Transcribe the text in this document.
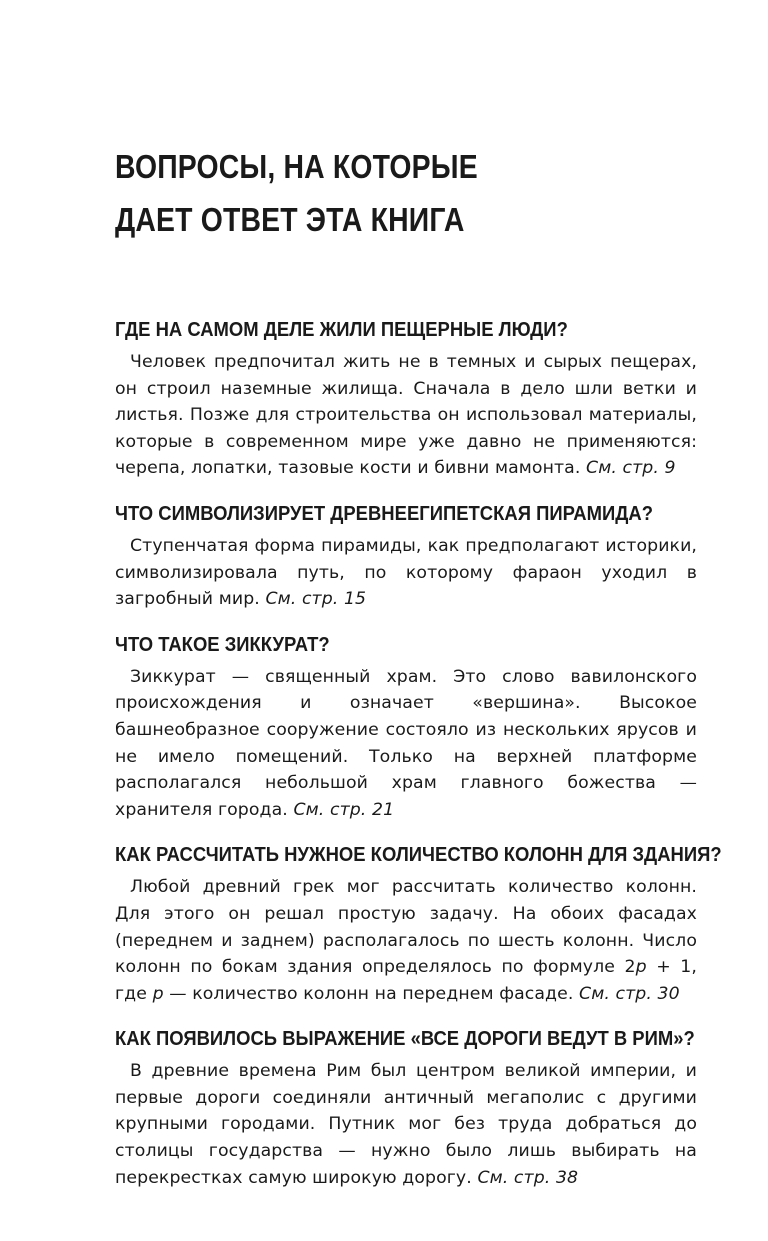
ВОПРОСЫ, НА КОТОРЫЕ
ДАЕТ ОТВЕТ ЭТА КНИГА
ГДЕ НА САМОМ ДЕЛЕ ЖИЛИ ПЕЩЕРНЫЕ ЛЮДИ?

Человек предпочитал жить не в темных и сырых пещерах, он строил наземные жилища. Сначала в дело шли ветки и листья. Позже для строительства он использовал материалы, которые в современном мире уже давно не применяются: черепа, лопатки, тазовые кости и бивни мамонта. См. стр. 9

ЧТО СИМВОЛИЗИРУЕТ ДРЕВНЕЕГИПЕТСКАЯ ПИРАМИДА?

Ступенчатая форма пирамиды, как предполагают историки, символизировала путь, по которому фараон уходил в загробный мир. См. стр. 15

ЧТО ТАКОЕ ЗИККУРАТ?

Зиккурат — священный храм. Это слово вавилонского происхождения и означает «вершина». Высокое башнеобразное сооружение состояло из нескольких ярусов и не имело помещений. Только на верхней платформе располагался небольшой храм главного божества — хранителя города. См. стр. 21

КАК РАССЧИТАТЬ НУЖНОЕ КОЛИЧЕСТВО КОЛОНН ДЛЯ ЗДАНИЯ?

Любой древний грек мог рассчитать количество колонн. Для этого он решал простую задачу. На обоих фасадах (переднем и заднем) располагалось по шесть колонн. Число колонн по бокам здания определялось по формуле 2p + 1, где p — количество колонн на переднем фасаде. См. стр. 30

КАК ПОЯВИЛОСЬ ВЫРАЖЕНИЕ «ВСЕ ДОРОГИ ВЕДУТ В РИМ»?

В древние времена Рим был центром великой империи, и первые дороги соединяли античный мегаполис с другими крупными городами. Путник мог без труда добраться до столицы государства — нужно было лишь выбирать на перекрестках самую широкую дорогу. См. стр. 38
